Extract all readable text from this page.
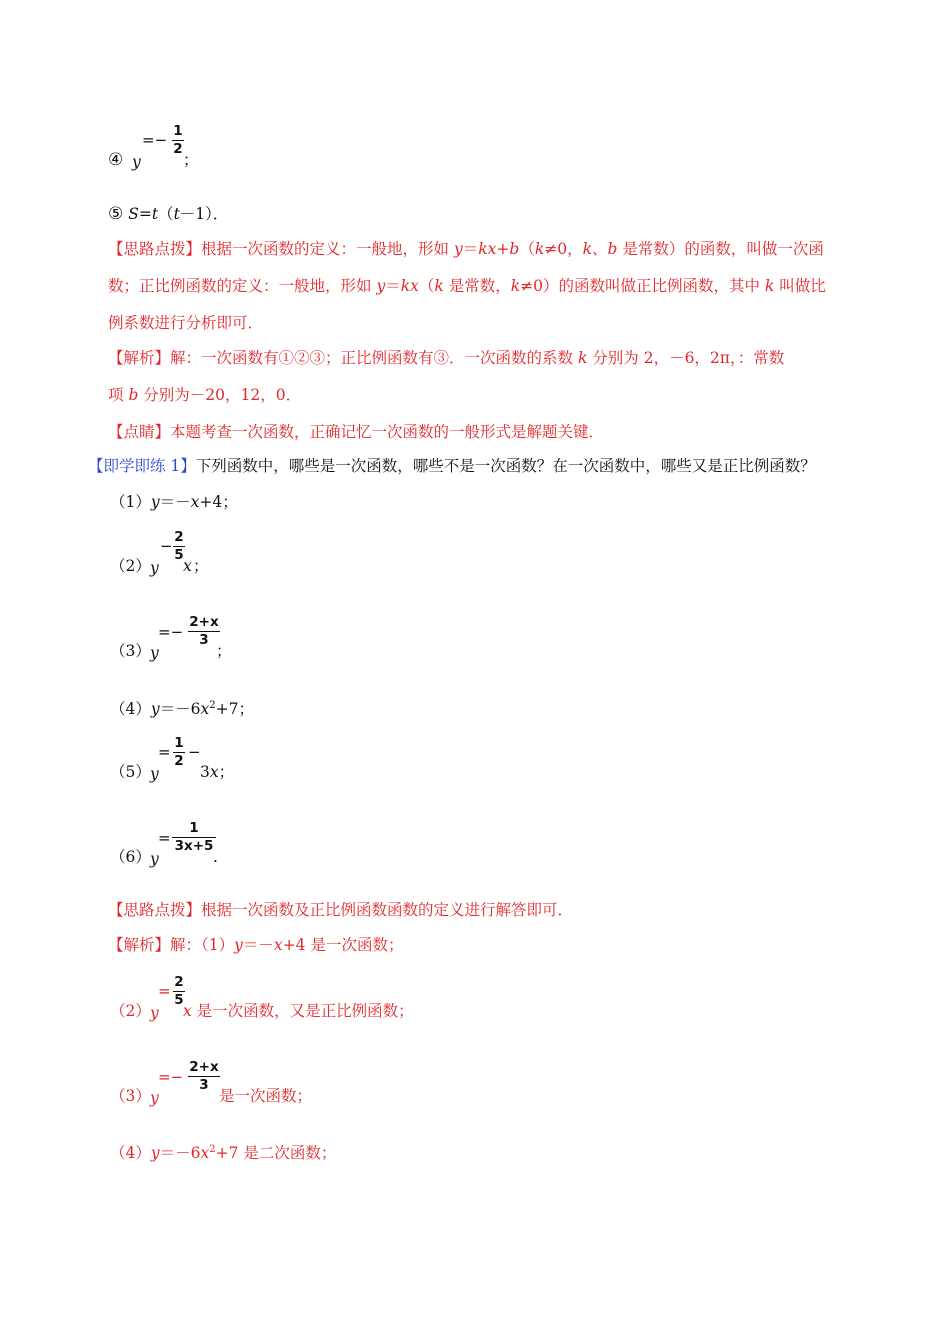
④ y
=− 1
2
；
⑤ S=t（t－1）．
【思路点拨】根据一次函数的定义：一般地，形如 y＝kx+b（k≠0，k、b 是常数）的函数，叫做一次函
数；正比例函数的定义：一般地，形如 y＝kx（k 是常数，k≠0）的函数叫做正比例函数，其中 k 叫做比
例系数进行分析即可．
【解析】解：一次函数有①②③；正比例函数有③．一次函数的系数 k 分别为 2，－6，2π，：常数
项 b 分别为－20，12，0．
【点睛】本题考查一次函数，正确记忆一次函数的一般形式是解题关键．
【即学即练 1】下列函数中，哪些是一次函数，哪些不是一次函数？在一次函数中，哪些又是正比例函数？
（1）y＝－x+4；
（2） y
− 2
5
x ；
（3） y
=−
2+x
3
；
$(4)y=-6x^2+7$；
（5） y
= 1
2 −
3x；
（6） y
=
1
3x+5
.
【思路点拨】根据一次函数及正比例函数函数的定义进行解答即可．
【解析】解：（1）y＝－x+4 是一次函数；
（2） y
= 2
5
x 是一次函数，又是正比例函数；
（3） y
=−
2+x
3
是一次函数；
$(4)y=-6x^2+7$ 是二次函数；
